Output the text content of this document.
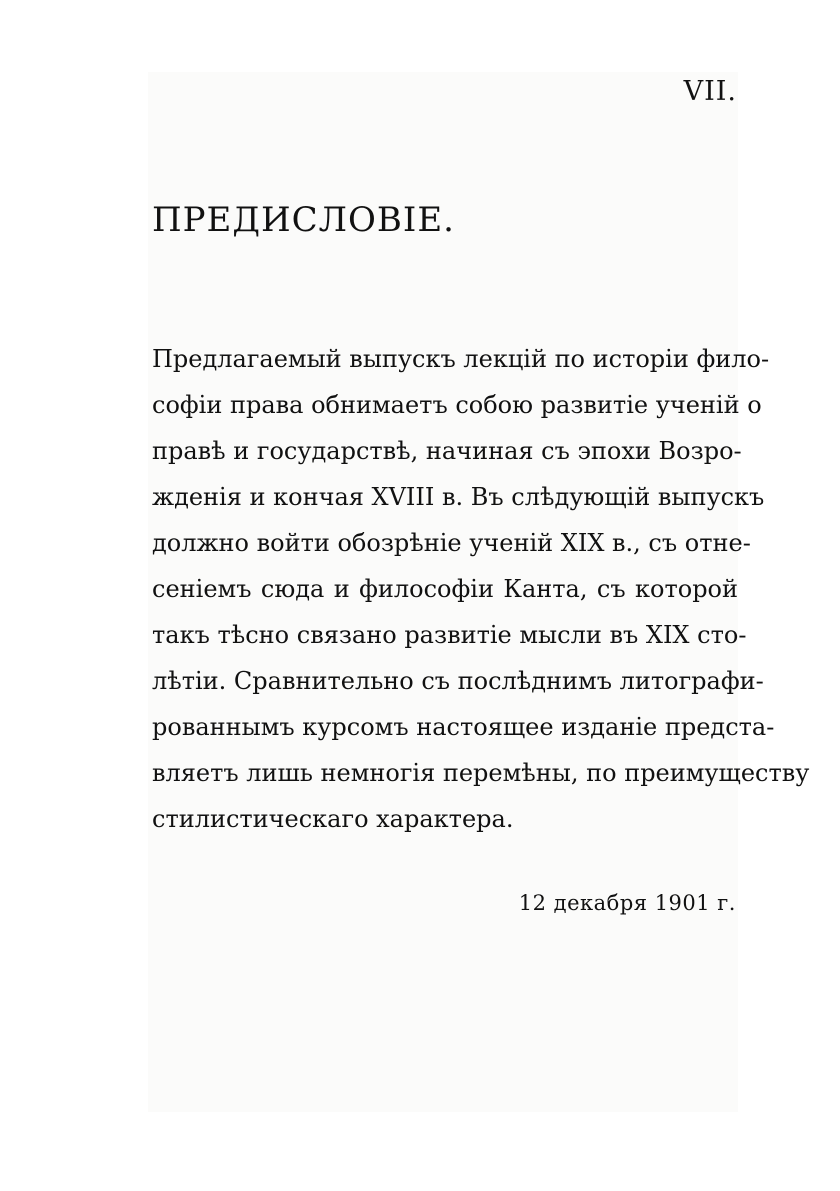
VII.
ПРЕДИСЛОВІЕ.
Предлагаемый выпускъ лекцій по исторіи фило-
софіи права обнимаетъ собою развитіе ученій о
правѣ и государствѣ, начиная съ эпохи Возро-
жденія и кончая XVIII в. Въ слѣдующій выпускъ
должно войти обозрѣніе ученій XIX в., съ отне-
сеніемъ сюда и философіи Канта, съ которой
такъ тѣсно связано развитіе мысли въ XIX сто-
лѣтіи. Сравнительно съ послѣднимъ литографи-
рованнымъ курсомъ настоящее изданіе предста-
вляетъ лишь немногія перемѣны, по преимуществу
стилистическаго характера.
12 декабря 1901 г.
